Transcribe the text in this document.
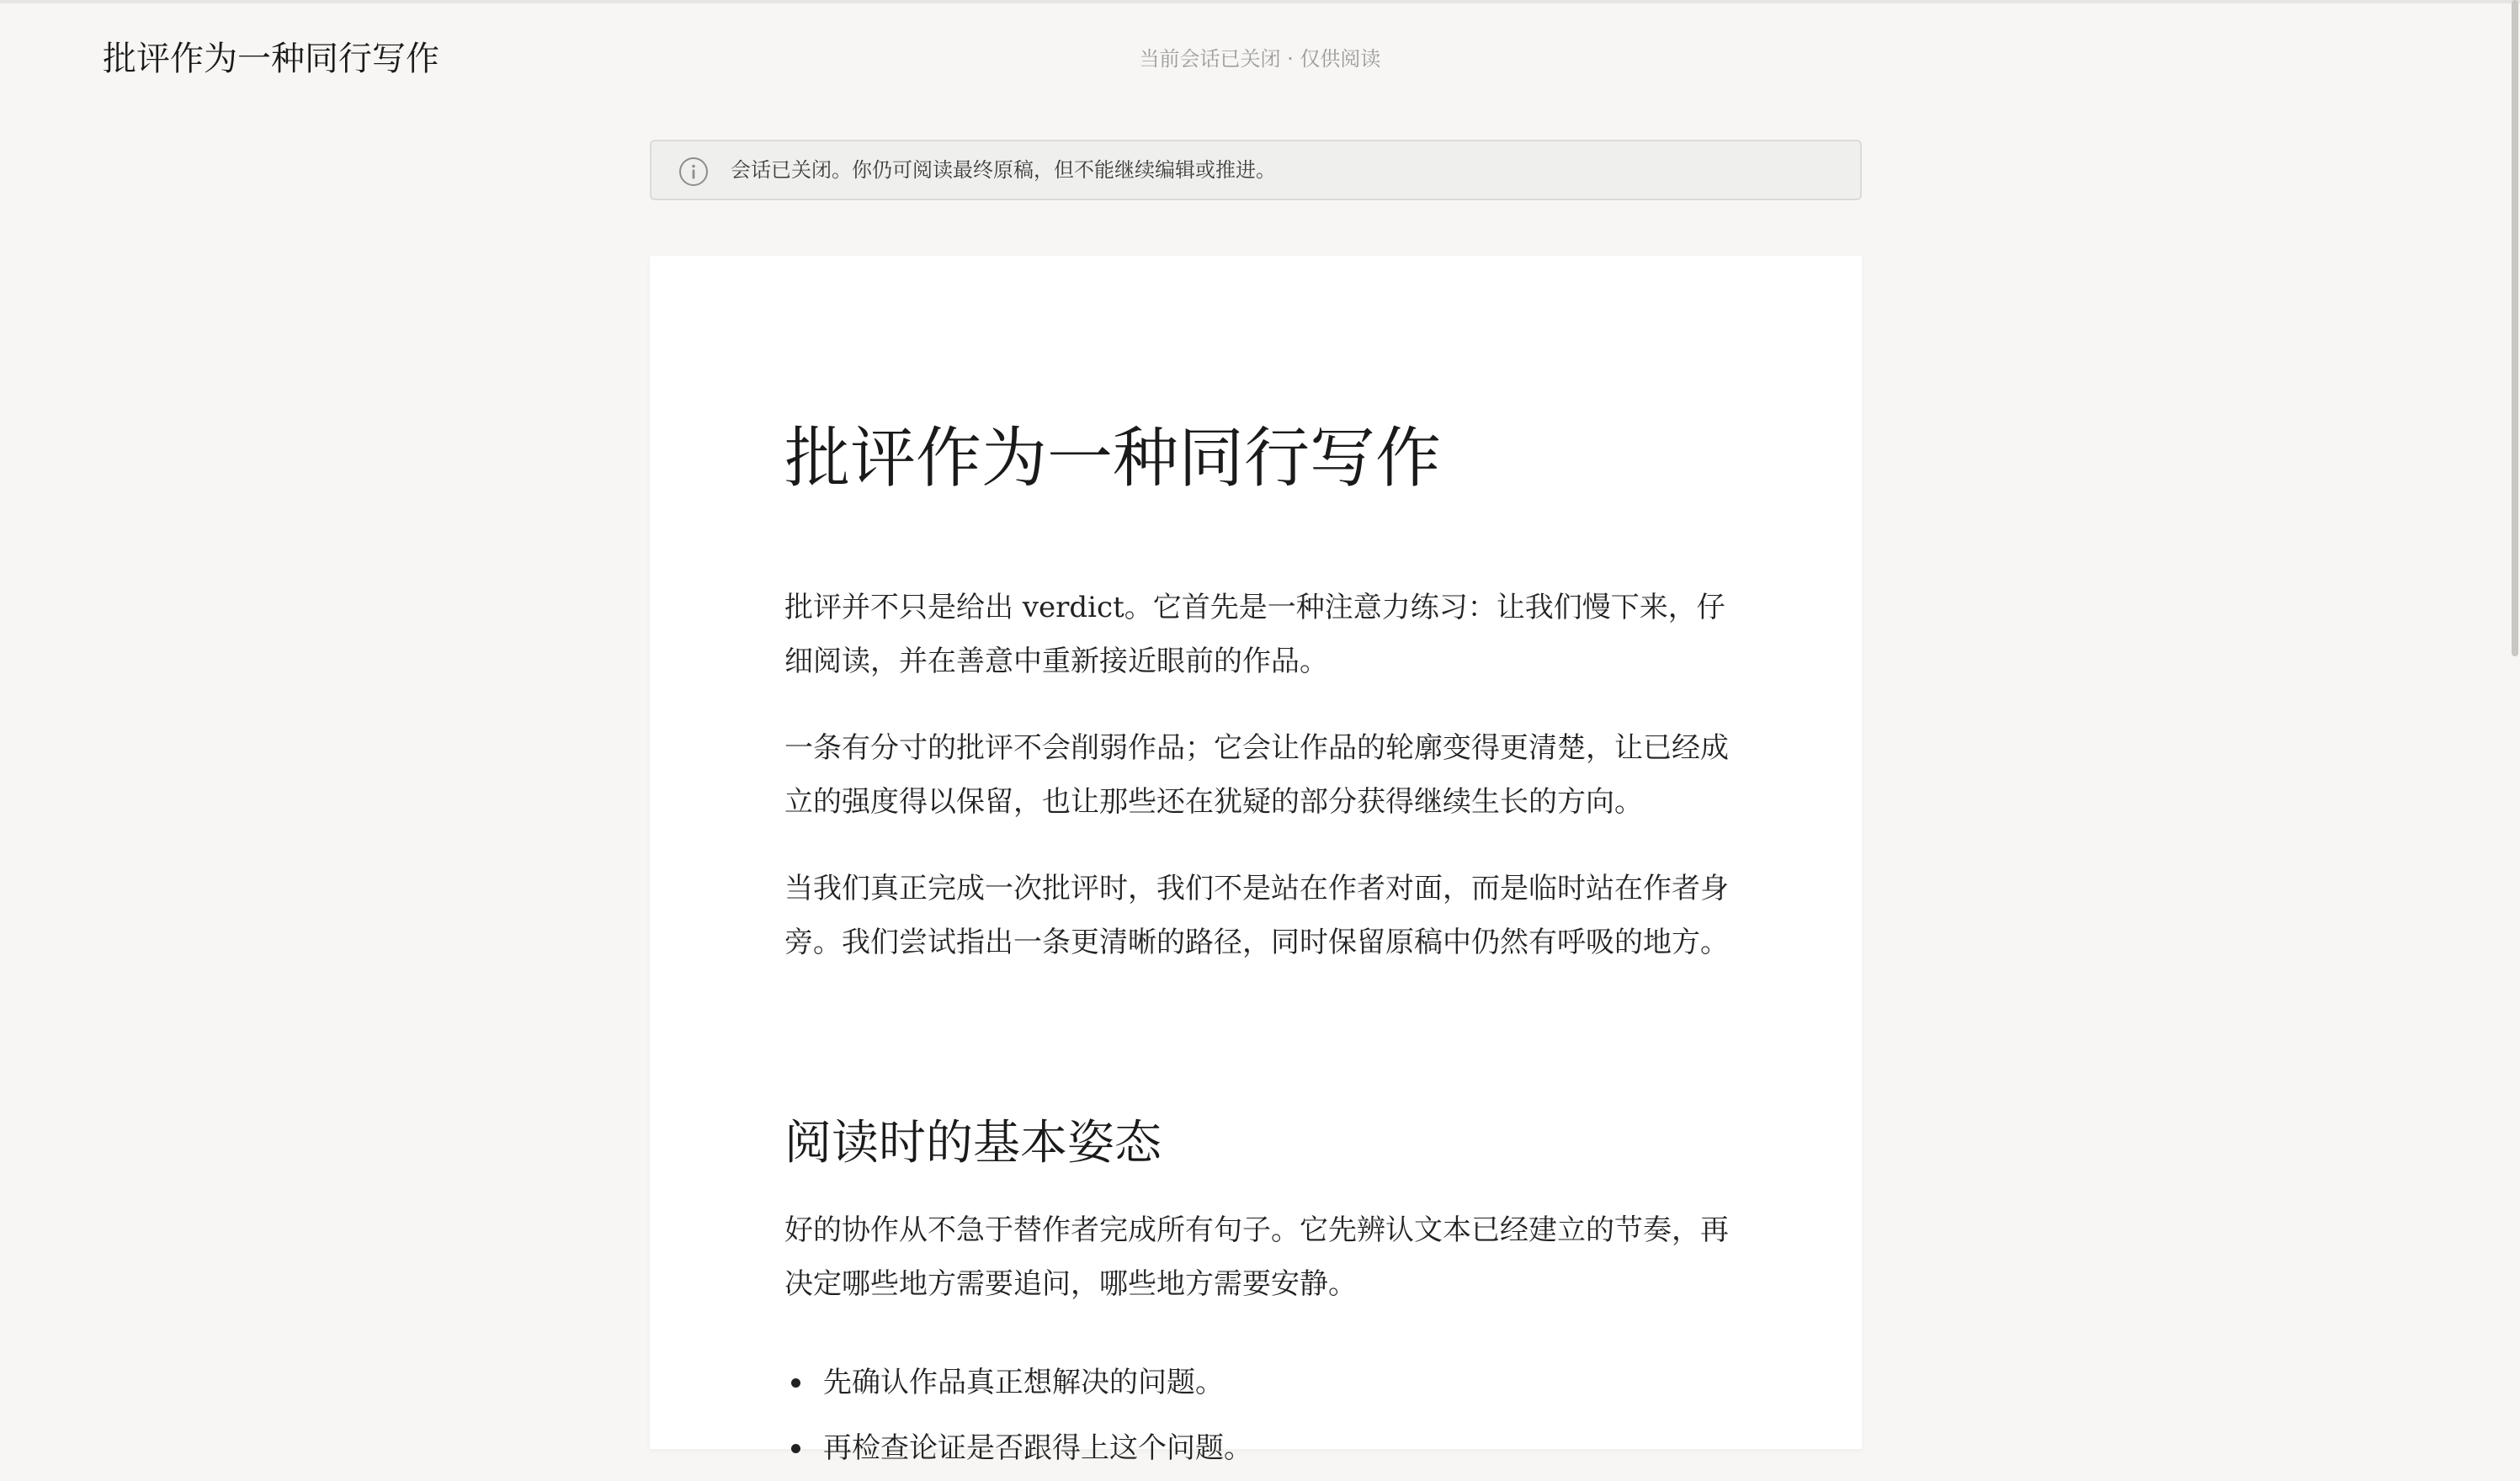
批评作为一种同行写作	当前会话已关闭 · 仅供阅读
会话已关闭。你仍可阅读最终原稿，但不能继续编辑或推进。
批评作为一种同行写作

批评并不只是给出 verdict。它首先是一种注意力练习：让我们慢下来，仔细阅读，并在善意中重新接近眼前的作品。

一条有分寸的批评不会削弱作品；它会让作品的轮廓变得更清楚，让已经成立的强度得以保留，也让那些还在犹疑的部分获得继续生长的方向。

当我们真正完成一次批评时，我们不是站在作者对面，而是临时站在作者身旁。我们尝试指出一条更清晰的路径，同时保留原稿中仍然有呼吸的地方。

阅读时的基本姿态

好的协作从不急于替作者完成所有句子。它先辨认文本已经建立的节奏，再决定哪些地方需要追问，哪些地方需要安静。

先确认作品真正想解决的问题。
再检查论证是否跟得上这个问题。
